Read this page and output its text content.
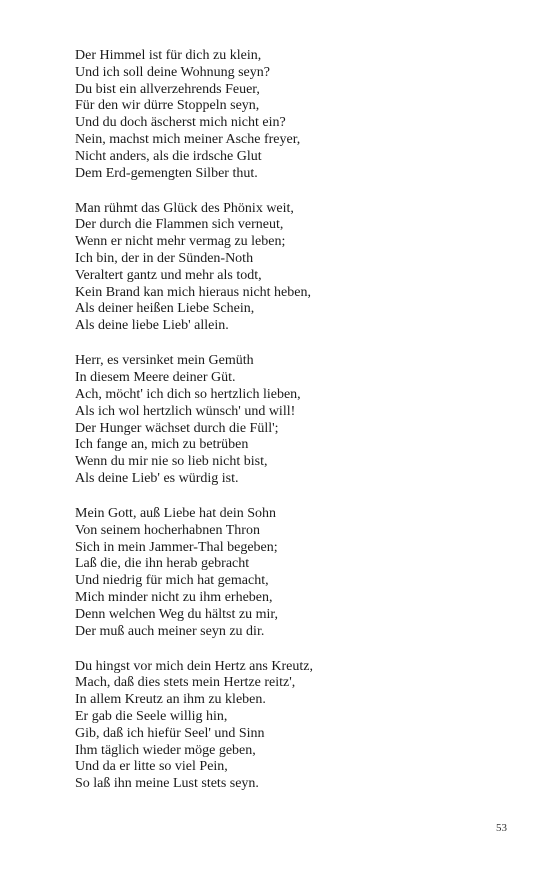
Der Himmel ist für dich zu klein,
Und ich soll deine Wohnung seyn?
Du bist ein allverzehrends Feuer,
Für den wir dürre Stoppeln seyn,
Und du doch äscherst mich nicht ein?
Nein, machst mich meiner Asche freyer,
Nicht anders, als die irdsche Glut
Dem Erd-gemengten Silber thut.
Man rühmt das Glück des Phönix weit,
Der durch die Flammen sich verneut,
Wenn er nicht mehr vermag zu leben;
Ich bin, der in der Sünden-Noth
Veraltert gantz und mehr als todt,
Kein Brand kan mich hieraus nicht heben,
Als deiner heißen Liebe Schein,
Als deine liebe Lieb' allein.
Herr, es versinket mein Gemüth
In diesem Meere deiner Güt.
Ach, möcht' ich dich so hertzlich lieben,
Als ich wol hertzlich wünsch' und will!
Der Hunger wächset durch die Füll';
Ich fange an, mich zu betrüben
Wenn du mir nie so lieb nicht bist,
Als deine Lieb' es würdig ist.
Mein Gott, auß Liebe hat dein Sohn
Von seinem hocherhabnen Thron
Sich in mein Jammer-Thal begeben;
Laß die, die ihn herab gebracht
Und niedrig für mich hat gemacht,
Mich minder nicht zu ihm erheben,
Denn welchen Weg du hältst zu mir,
Der muß auch meiner seyn zu dir.
Du hingst vor mich dein Hertz ans Kreutz,
Mach, daß dies stets mein Hertze reitz',
In allem Kreutz an ihm zu kleben.
Er gab die Seele willig hin,
Gib, daß ich hiefür Seel' und Sinn
Ihm täglich wieder möge geben,
Und da er litte so viel Pein,
So laß ihn meine Lust stets seyn.
53
